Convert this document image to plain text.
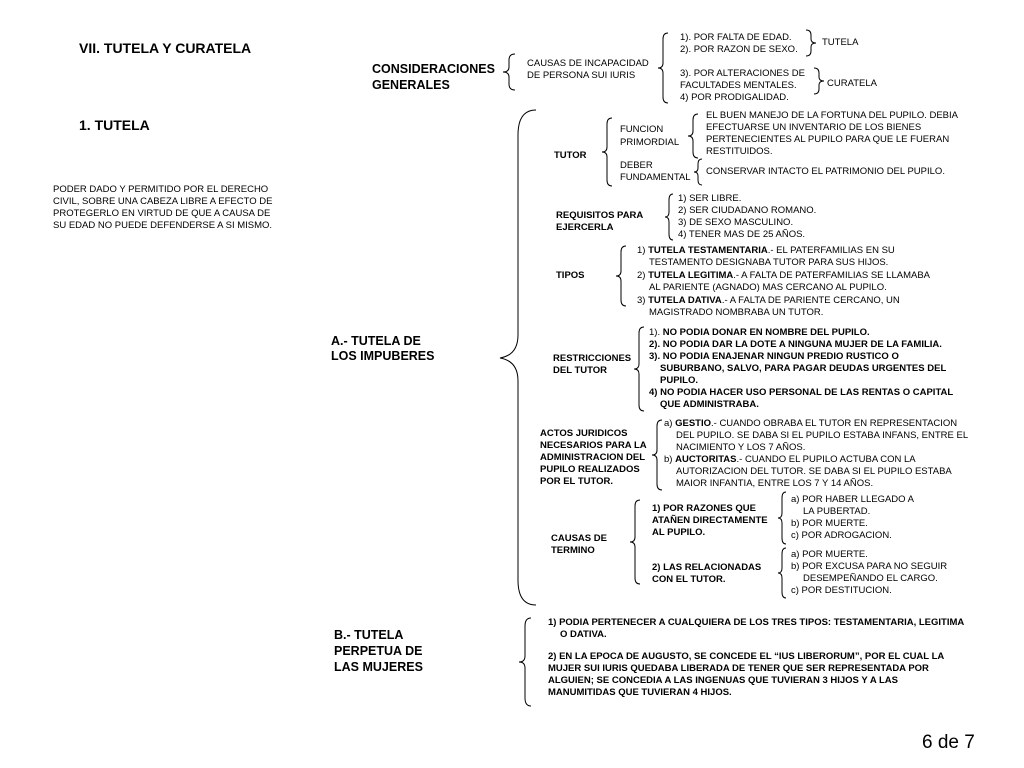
VII. TUTELA Y CURATELA
1. TUTELA
PODER DADO Y PERMITIDO POR EL DERECHO
CIVIL, SOBRE UNA CABEZA LIBRE A EFECTO DE
PROTEGERLO EN VIRTUD DE QUE A CAUSA DE
SU EDAD NO PUEDE DEFENDERSE A SI MISMO.
CONSIDERACIONES
GENERALES
CAUSAS DE INCAPACIDAD
DE PERSONA SUI IURIS
1). POR FALTA DE EDAD.
2). POR RAZON DE SEXO.
3). POR ALTERACIONES DE
FACULTADES MENTALES.
4) POR PRODIGALIDAD.
TUTELA
CURATELA
A.- TUTELA DE
LOS IMPUBERES
TUTOR
FUNCION
PRIMORDIAL
EL BUEN MANEJO DE LA FORTUNA DEL PUPILO. DEBIA
EFECTUARSE UN INVENTARIO DE LOS BIENES
PERTENECIENTES AL PUPILO PARA QUE LE FUERAN
RESTITUIDOS.
DEBER
FUNDAMENTAL
CONSERVAR INTACTO EL PATRIMONIO DEL PUPILO.
REQUISITOS PARA
EJERCERLA
1) SER LIBRE.
2) SER CIUDADANO ROMANO.
3) DE SEXO MASCULINO.
4) TENER MAS DE 25 AÑOS.
TIPOS
1) TUTELA TESTAMENTARIA.- EL PATERFAMILIAS EN SU
TESTAMENTO DESIGNABA TUTOR PARA SUS HIJOS.
2) TUTELA LEGITIMA.- A FALTA DE PATERFAMILIAS SE LLAMABA
AL PARIENTE (AGNADO) MAS CERCANO AL PUPILO.
3) TUTELA DATIVA.- A FALTA DE PARIENTE CERCANO, UN
MAGISTRADO NOMBRABA UN TUTOR.
RESTRICCIONES
DEL TUTOR
1). NO PODIA DONAR EN NOMBRE DEL PUPILO.
2). NO PODIA DAR LA DOTE A NINGUNA MUJER DE LA FAMILIA.
3). NO PODIA ENAJENAR NINGUN PREDIO RUSTICO O
SUBURBANO, SALVO, PARA PAGAR DEUDAS URGENTES DEL
PUPILO.
4) NO PODIA HACER USO PERSONAL DE LAS RENTAS O CAPITAL
QUE ADMINISTRABA.
ACTOS JURIDICOS
NECESARIOS PARA LA
ADMINISTRACION DEL
PUPILO REALIZADOS
POR EL TUTOR.
a) GESTIO.- CUANDO OBRABA EL TUTOR EN REPRESENTACION
DEL PUPILO. SE DABA SI EL PUPILO ESTABA INFANS, ENTRE EL
NACIMIENTO Y LOS 7 AÑOS.
b) AUCTORITAS.- CUANDO EL PUPILO ACTUBA CON LA
AUTORIZACION DEL TUTOR. SE DABA SI EL PUPILO ESTABA
MAIOR INFANTIA, ENTRE LOS 7 Y 14 AÑOS.
CAUSAS DE
TERMINO
1) POR RAZONES QUE
ATAÑEN DIRECTAMENTE
AL PUPILO.
a) POR HABER LLEGADO A
LA PUBERTAD.
b) POR MUERTE.
c) POR ADROGACION.
2) LAS RELACIONADAS
CON EL TUTOR.
a) POR MUERTE.
b) POR EXCUSA PARA NO SEGUIR
DESEMPEÑANDO EL CARGO.
c) POR DESTITUCION.
B.- TUTELA
PERPETUA DE
LAS MUJERES
1) PODIA PERTENECER A CUALQUIERA DE LOS TRES TIPOS: TESTAMENTARIA, LEGITIMA
O DATIVA.
2) EN LA EPOCA DE AUGUSTO, SE CONCEDE EL “IUS LIBERORUM”, POR EL CUAL LA
MUJER SUI IURIS QUEDABA LIBERADA DE TENER QUE SER REPRESENTADA POR
ALGUIEN; SE CONCEDIA A LAS INGENUAS QUE TUVIERAN 3 HIJOS Y A LAS
MANUMITIDAS QUE TUVIERAN 4 HIJOS.
6 de 7
